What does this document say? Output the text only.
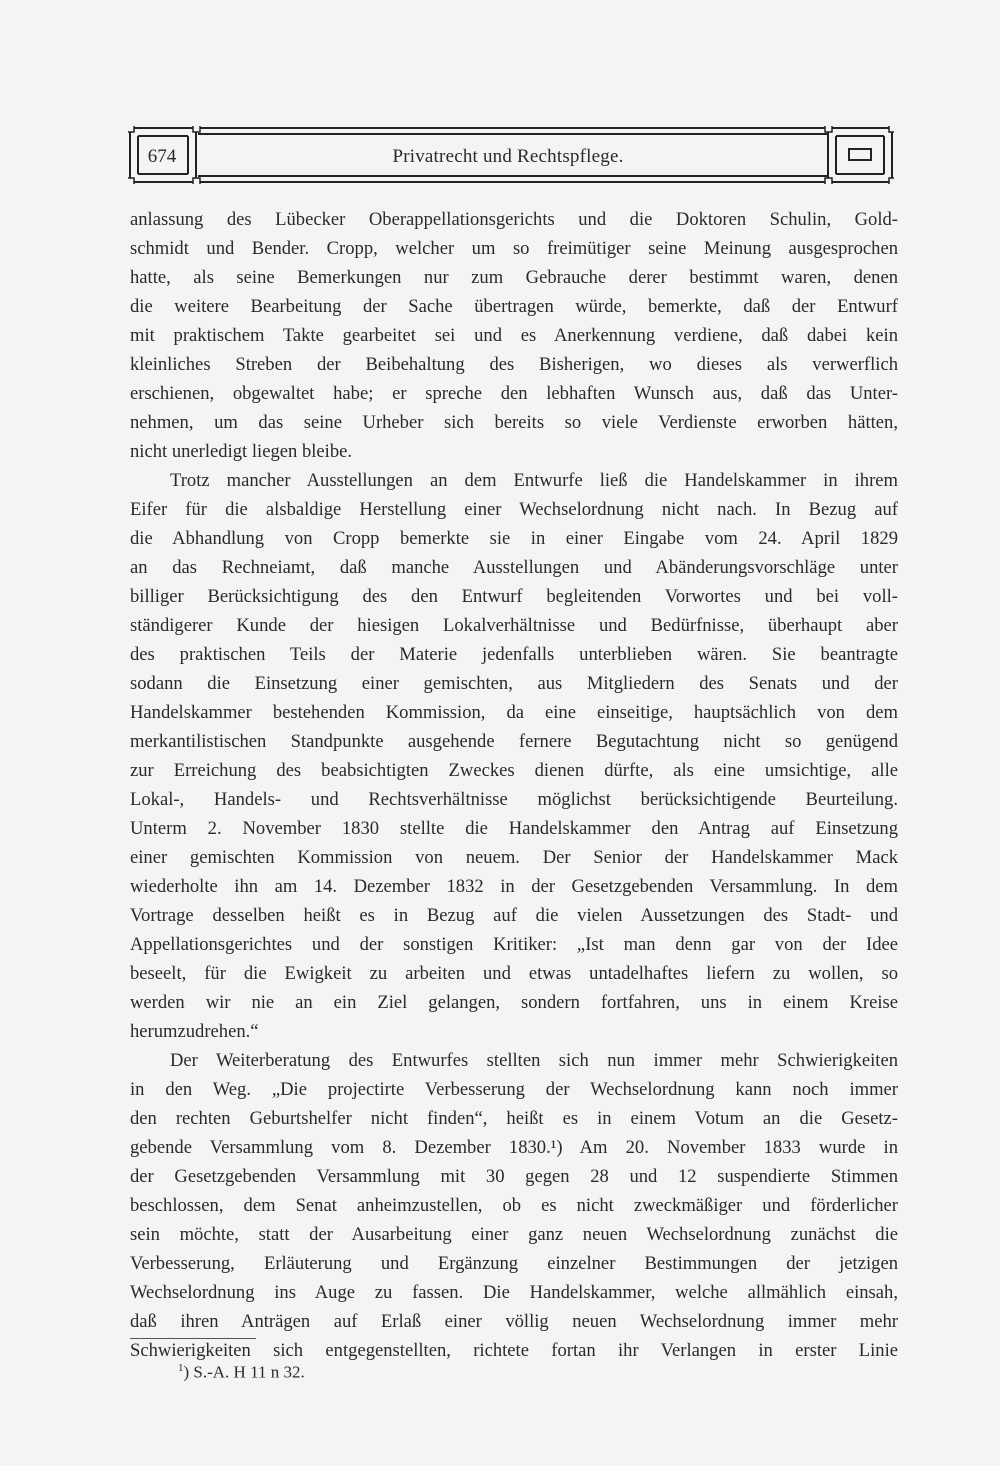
674	Privatrecht und Rechtspflege.
anlassung des Lübecker Oberappellationsgerichts und die Doktoren Schulin, Gold-
schmidt und Bender. Cropp, welcher um so freimütiger seine Meinung ausgesprochen
hatte, als seine Bemerkungen nur zum Gebrauche derer bestimmt waren, denen
die weitere Bearbeitung der Sache übertragen würde, bemerkte, daß der Entwurf
mit praktischem Takte gearbeitet sei und es Anerkennung verdiene, daß dabei kein
kleinliches Streben der Beibehaltung des Bisherigen, wo dieses als verwerflich
erschienen, obgewaltet habe; er spreche den lebhaften Wunsch aus, daß das Unter-
nehmen, um das seine Urheber sich bereits so viele Verdienste erworben hätten,
nicht unerledigt liegen bleibe.
Trotz mancher Ausstellungen an dem Entwurfe ließ die Handelskammer in ihrem
Eifer für die alsbaldige Herstellung einer Wechselordnung nicht nach. In Bezug auf
die Abhandlung von Cropp bemerkte sie in einer Eingabe vom 24. April 1829
an das Rechneiamt, daß manche Ausstellungen und Abänderungsvorschläge unter
billiger Berücksichtigung des den Entwurf begleitenden Vorwortes und bei voll-
ständigerer Kunde der hiesigen Lokalverhältnisse und Bedürfnisse, überhaupt aber
des praktischen Teils der Materie jedenfalls unterblieben wären. Sie beantragte
sodann die Einsetzung einer gemischten, aus Mitgliedern des Senats und der
Handelskammer bestehenden Kommission, da eine einseitige, hauptsächlich von dem
merkantilistischen Standpunkte ausgehende fernere Begutachtung nicht so genügend
zur Erreichung des beabsichtigten Zweckes dienen dürfte, als eine umsichtige, alle
Lokal-, Handels- und Rechtsverhältnisse möglichst berücksichtigende Beurteilung.
Unterm 2. November 1830 stellte die Handelskammer den Antrag auf Einsetzung
einer gemischten Kommission von neuem. Der Senior der Handelskammer Mack
wiederholte ihn am 14. Dezember 1832 in der Gesetzgebenden Versammlung. In dem
Vortrage desselben heißt es in Bezug auf die vielen Aussetzungen des Stadt- und
Appellationsgerichtes und der sonstigen Kritiker: „Ist man denn gar von der Idee
beseelt, für die Ewigkeit zu arbeiten und etwas untadelhaftes liefern zu wollen, so
werden wir nie an ein Ziel gelangen, sondern fortfahren, uns in einem Kreise
herumzudrehen.“
Der Weiterberatung des Entwurfes stellten sich nun immer mehr Schwierigkeiten
in den Weg. „Die projectirte Verbesserung der Wechselordnung kann noch immer
den rechten Geburtshelfer nicht finden“, heißt es in einem Votum an die Gesetz-
gebende Versammlung vom 8. Dezember 1830.¹) Am 20. November 1833 wurde in
der Gesetzgebenden Versammlung mit 30 gegen 28 und 12 suspendierte Stimmen
beschlossen, dem Senat anheimzustellen, ob es nicht zweckmäßiger und förderlicher
sein möchte, statt der Ausarbeitung einer ganz neuen Wechselordnung zunächst die
Verbesserung, Erläuterung und Ergänzung einzelner Bestimmungen der jetzigen
Wechselordnung ins Auge zu fassen. Die Handelskammer, welche allmählich einsah,
daß ihren Anträgen auf Erlaß einer völlig neuen Wechselordnung immer mehr
Schwierigkeiten sich entgegenstellten, richtete fortan ihr Verlangen in erster Linie
$^1$) S.-A. H 11 n 32.
